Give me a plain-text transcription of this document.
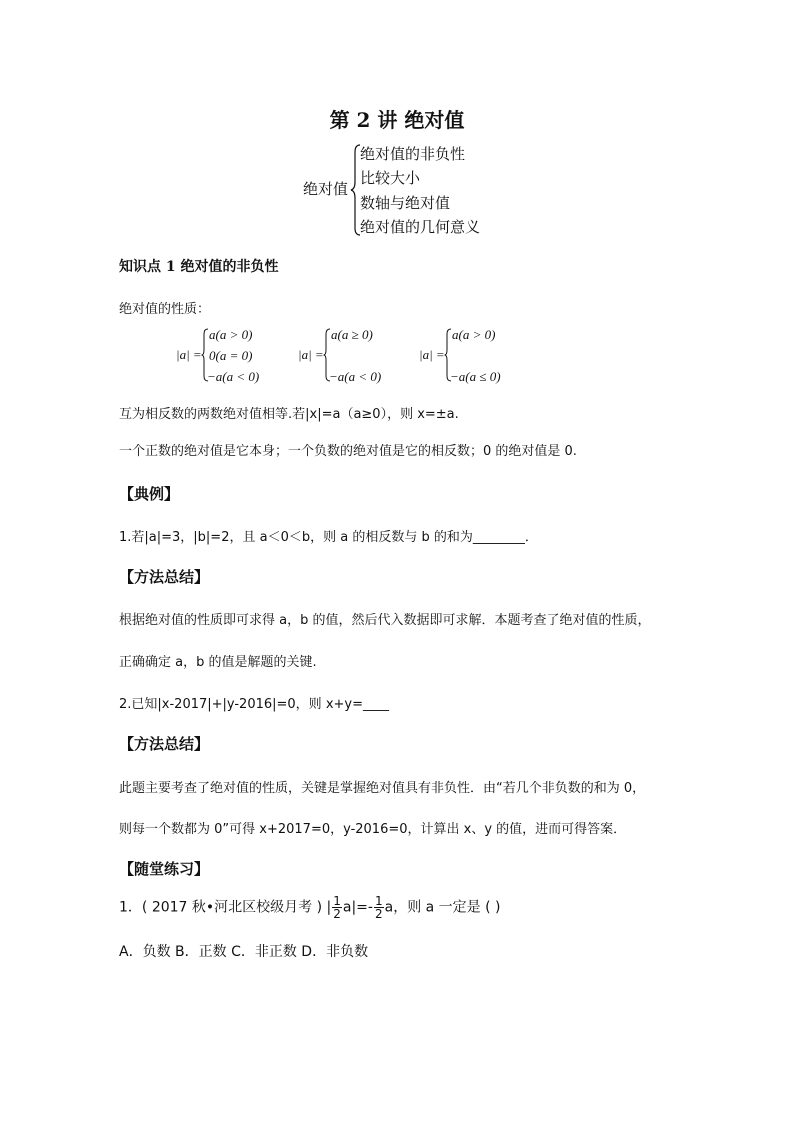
第 2 讲 绝对值
绝对值
绝对值的非负性
比较大小
数轴与绝对值
绝对值的几何意义
知识点 1 绝对值的非负性
绝对值的性质：
|a| =
a(a > 0)
0(a = 0)
−a(a < 0)
|a| =
a(a ≥ 0)
−a(a < 0)
|a| =
a(a > 0)
−a(a ≤ 0)
互为相反数的两数绝对值相等.若|x|=a（a≥0），则 x=±a.
一个正数的绝对值是它本身；一个负数的绝对值是它的相反数；0 的绝对值是 0.
【典例】
1.若|a|=3，|b|=2，且 a＜0＜b，则 a 的相反数与 b 的和为________．
【方法总结】
根据绝对值的性质即可求得 a，b 的值，然后代入数据即可求解．本题考查了绝对值的性质，
正确确定 a，b 的值是解题的关键.
2.已知|x-2017|+|y-2016|=0，则 x+y=____
【方法总结】
此题主要考查了绝对值的性质，关键是掌握绝对值具有非负性．由“若几个非负数的和为 0，
则每一个数都为 0”可得 x+2017=0，y-2016=0，计算出 x、y 的值，进而可得答案．
【随堂练习】
1．( 2017 秋•河北区校级月考 ) | $\frac{1}{2} a|=- \frac{1}{2}$ a，则 a 一定是 ( )
A．负数 B．正数 C．非正数 D．非负数
